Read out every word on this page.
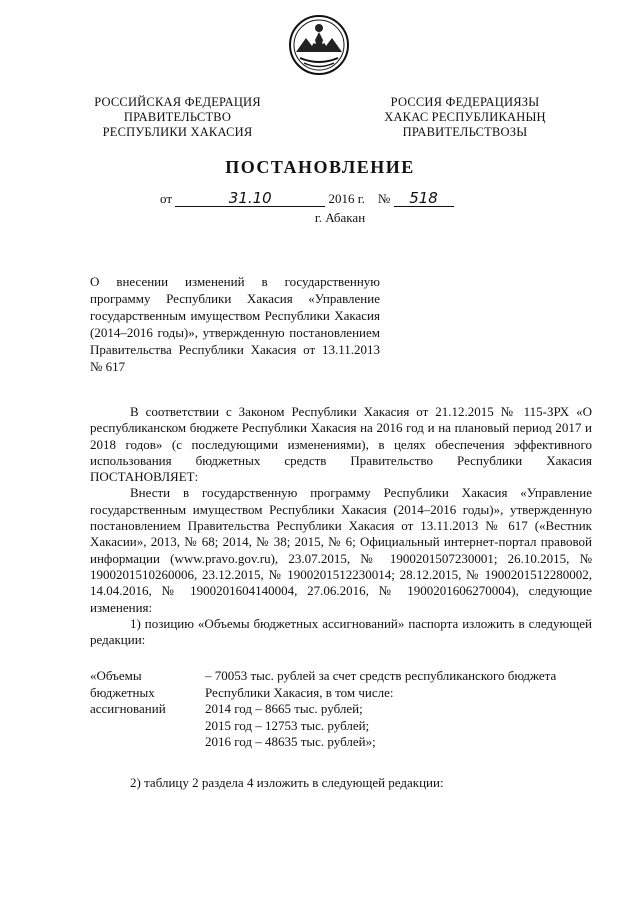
РОССИЙСКАЯ ФЕДЕРАЦИЯ
ПРАВИТЕЛЬСТВО
РЕСПУБЛИКИ ХАКАСИЯ
РОССИЯ ФЕДЕРАЦИЯЗЫ
ХАКАС РЕСПУБЛИКАНЫҢ
ПРАВИТЕЛЬСТВОЗЫ
ПОСТАНОВЛЕНИЕ
от	31.10	2016 г. № 518
г. Абакан
О внесении изменений в государственную программу Республики Хакасия «Управление государственным имуществом Республики Хакасия (2014–2016 годы)», утвержденную постановлением Правительства Республики Хакасия от 13.11.2013 № 617

В соответствии с Законом Республики Хакасия от 21.12.2015 № 115-ЗРХ «О республиканском бюджете Республики Хакасия на 2016 год и на плановый период 2017 и 2018 годов» (с последующими изменениями), в целях обеспечения эффективного использования бюджетных средств Правительство Республики Хакасия ПОСТАНОВЛЯЕТ:

Внести в государственную программу Республики Хакасия «Управление государственным имуществом Республики Хакасия (2014–2016 годы)», утвержденную постановлением Правительства Республики Хакасия от 13.11.2013 № 617 («Вестник Хакасии», 2013, № 68; 2014, № 38; 2015, № 6; Официальный интернет-портал правовой информации (www.pravo.gov.ru), 23.07.2015, № 1900201507230001; 26.10.2015, № 1900201510260006, 23.12.2015, № 1900201512230014; 28.12.2015, № 1900201512280002, 14.04.2016, № 1900201604140004, 27.06.2016, № 1900201606270004), следующие изменения:

1) позицию «Объемы бюджетных ассигнований» паспорта изложить в следующей редакции:

«Объемы
бюджетных
ассигнований
– 70053 тыс. рублей за счет средств республиканского бюджета
Республики Хакасия, в том числе:
2014 год – 8665 тыс. рублей;
2015 год – 12753 тыс. рублей;
2016 год – 48635 тыс. рублей»;
2) таблицу 2 раздела 4 изложить в следующей редакции:
